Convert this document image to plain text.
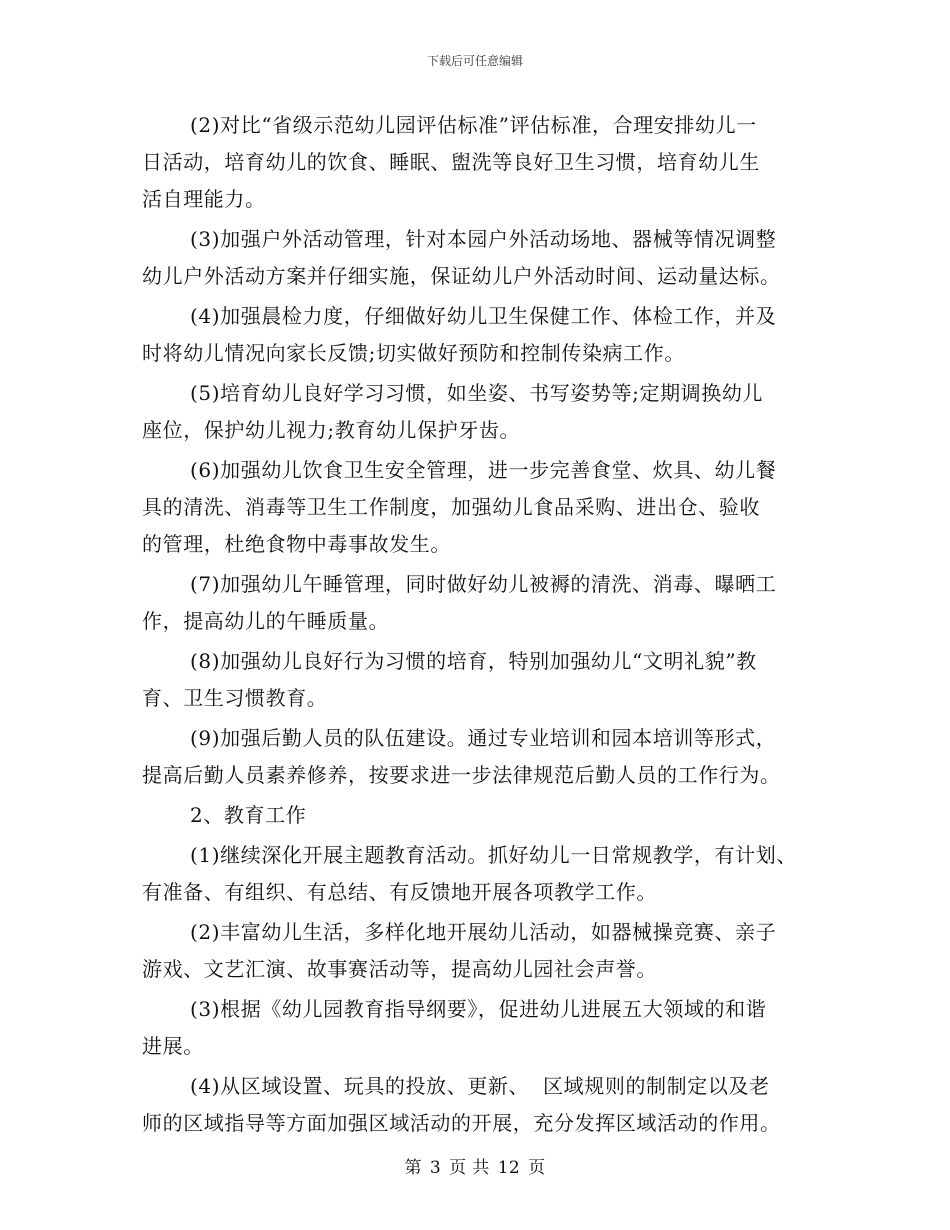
下载后可任意编辑
(2)对比“省级示范幼儿园评估标准”评估标准，合理安排幼儿一
日活动，培育幼儿的饮食、睡眠、盥洗等良好卫生习惯，培育幼儿生
活自理能力。
(3)加强户外活动管理，针对本园户外活动场地、器械等情况调整
幼儿户外活动方案并仔细实施，保证幼儿户外活动时间、运动量达标。
(4)加强晨检力度，仔细做好幼儿卫生保健工作、体检工作，并及
时将幼儿情况向家长反馈;切实做好预防和控制传染病工作。
(5)培育幼儿良好学习习惯，如坐姿、书写姿势等;定期调换幼儿
座位，保护幼儿视力;教育幼儿保护牙齿。
(6)加强幼儿饮食卫生安全管理，进一步完善食堂、炊具、幼儿餐
具的清洗、消毒等卫生工作制度，加强幼儿食品采购、进出仓、验收
的管理，杜绝食物中毒事故发生。
(7)加强幼儿午睡管理，同时做好幼儿被褥的清洗、消毒、曝晒工
作，提高幼儿的午睡质量。
(8)加强幼儿良好行为习惯的培育，特别加强幼儿“文明礼貌”教
育、卫生习惯教育。
(9)加强后勤人员的队伍建设。通过专业培训和园本培训等形式，
提高后勤人员素养修养，按要求进一步法律规范后勤人员的工作行为。
2、教育工作
(1)继续深化开展主题教育活动。抓好幼儿一日常规教学，有计划、
有准备、有组织、有总结、有反馈地开展各项教学工作。
(2)丰富幼儿生活，多样化地开展幼儿活动，如器械操竞赛、亲子
游戏、文艺汇演、故事赛活动等，提高幼儿园社会声誉。
(3)根据《幼儿园教育指导纲要》，促进幼儿进展五大领域的和谐
进展。
(4)从区域设置、玩具的投放、更新、  区域规则的制制定以及老
师的区域指导等方面加强区域活动的开展，充分发挥区域活动的作用。
第 3 页 共 12 页
